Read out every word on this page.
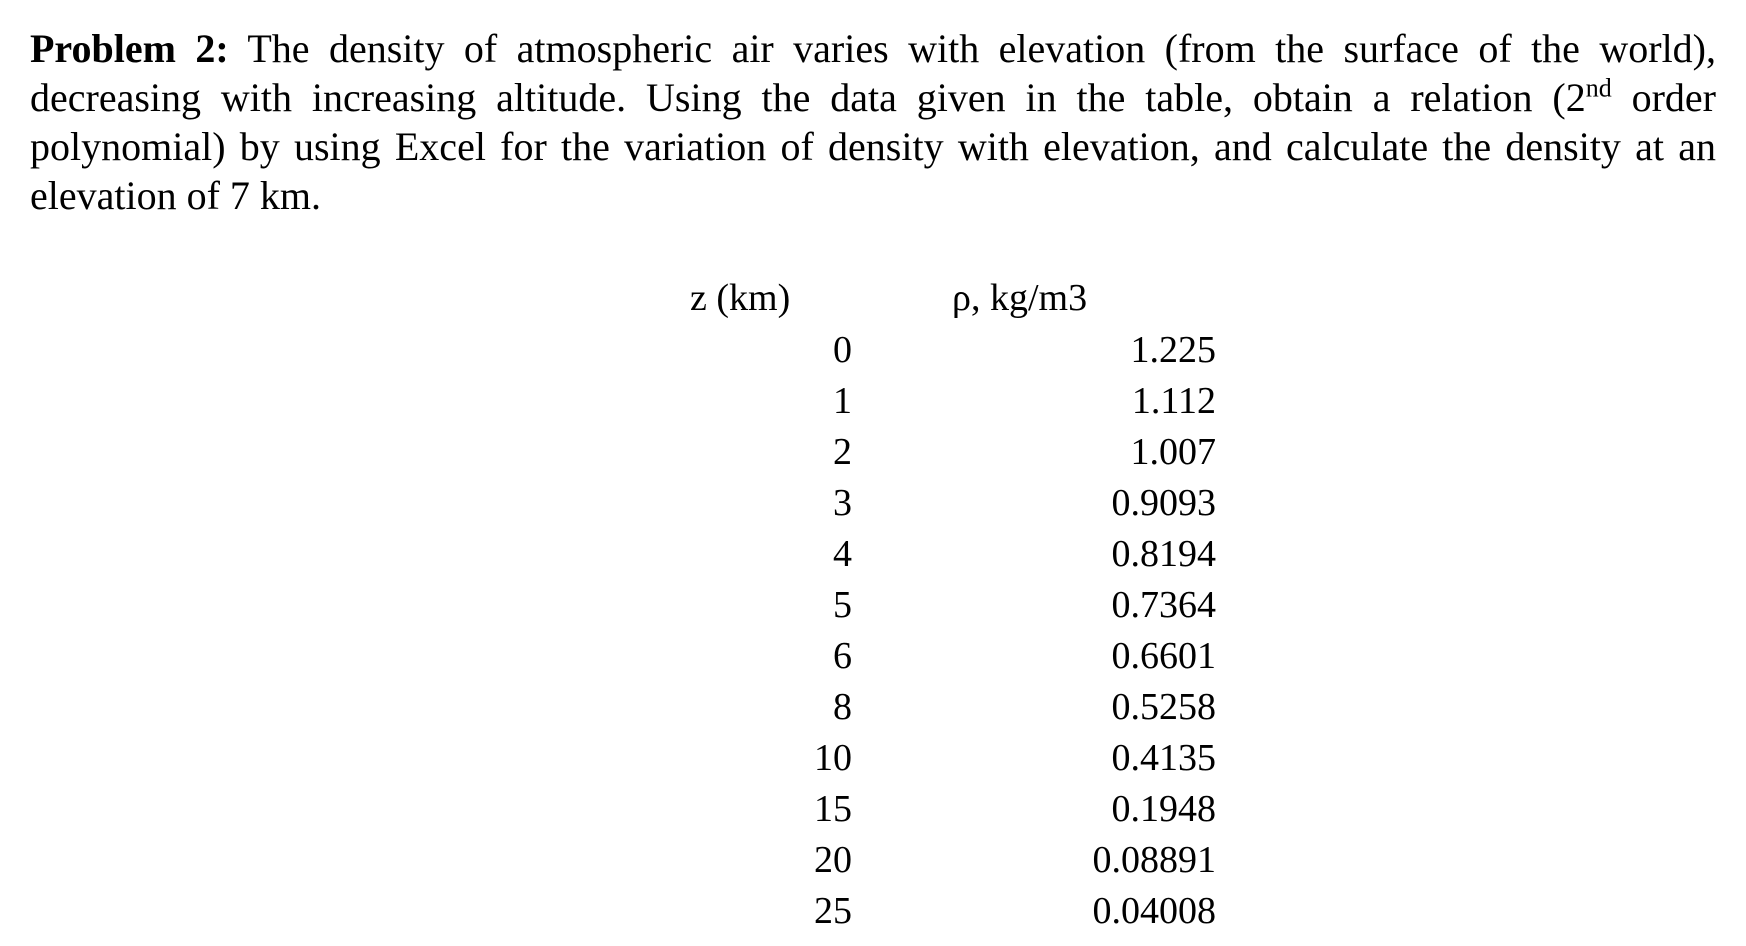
Problem 2: The density of atmospheric air varies with elevation (from the surface of the world), decreasing with increasing altitude. Using the data given in the table, obtain a relation (2nd order polynomial) by using Excel for the variation of density with elevation, and calculate the density at an elevation of 7 km.

z (km)	ρ, kg/m3
0	1.225
1	1.112
2	1.007
3	0.9093
4	0.8194
5	0.7364
6	0.6601
8	0.5258
10	0.4135
15	0.1948
20	0.08891
25	0.04008
